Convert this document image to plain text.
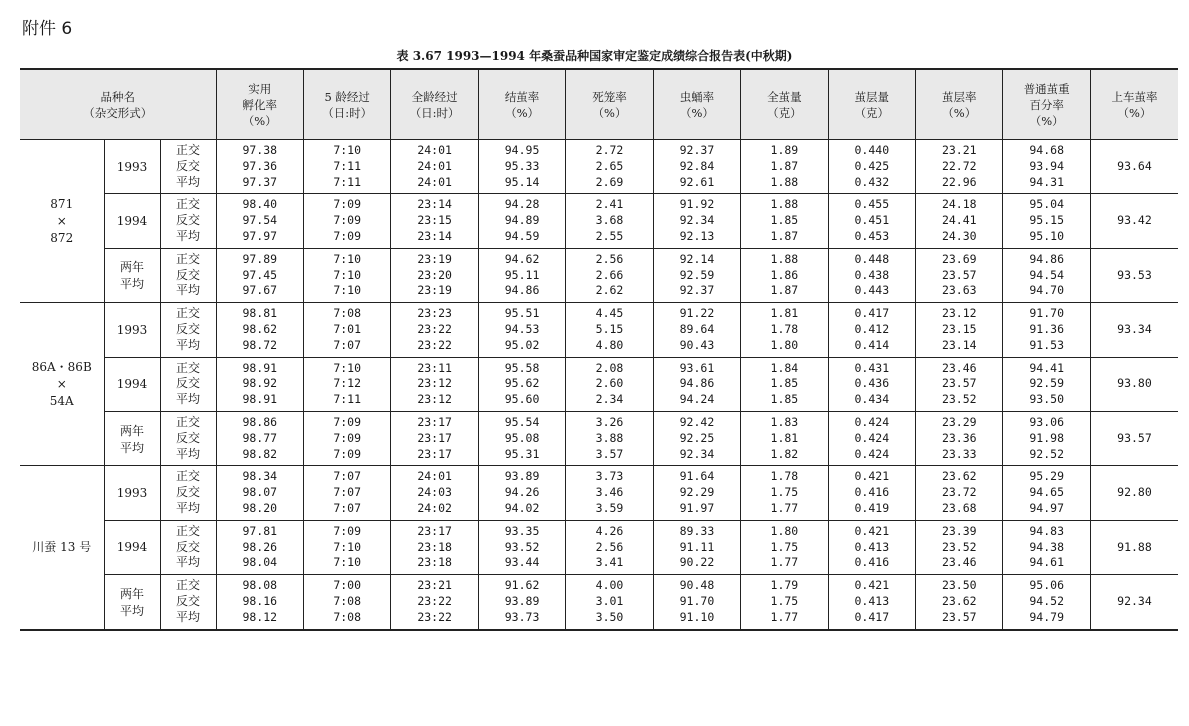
附件 6
表 3.67 1993—1994 年桑蚕品种国家审定鉴定成绩综合报告表(中秋期)
品种名
（杂交形式）			实用
孵化率
（%）	5 龄经过
（日:时）	全龄经过
（日:时）	结茧率
（%）	死笼率
（%）	虫蛹率
（%）	全茧量
（克）	茧层量
（克）	茧层率
（%）	普通茧重
百分率
（%）	上车茧率
（%）

871
×
872	1993	正交
反交
平均	97.38
97.36
97.37	7:10
7:11
7:11	24:01
24:01
24:01	94.95
95.33
95.14	2.72
2.65
2.69	92.37
92.84
92.61	1.89
1.87
1.88	0.440
0.425
0.432	23.21
22.72
22.96	94.68
93.94
94.31	93.64

	1994	正交
反交
平均	98.40
97.54
97.97	7:09
7:09
7:09	23:14
23:15
23:14	94.28
94.89
94.59	2.41
3.68
2.55	91.92
92.34
92.13	1.88
1.85
1.87	0.455
0.451
0.453	24.18
24.41
24.30	95.04
95.15
95.10	93.42

	两年
平均	正交
反交
平均	97.89
97.45
97.67	7:10
7:10
7:10	23:19
23:20
23:19	94.62
95.11
94.86	2.56
2.66
2.62	92.14
92.59
92.37	1.88
1.86
1.87	0.448
0.438
0.443	23.69
23.57
23.63	94.86
94.54
94.70	93.53

86A・86B
×
54A	1993	正交
反交
平均	98.81
98.62
98.72	7:08
7:01
7:07	23:23
23:22
23:22	95.51
94.53
95.02	4.45
5.15
4.80	91.22
89.64
90.43	1.81
1.78
1.80	0.417
0.412
0.414	23.12
23.15
23.14	91.70
91.36
91.53	93.34

	1994	正交
反交
平均	98.91
98.92
98.91	7:10
7:12
7:11	23:11
23:12
23:12	95.58
95.62
95.60	2.08
2.60
2.34	93.61
94.86
94.24	1.84
1.85
1.85	0.431
0.436
0.434	23.46
23.57
23.52	94.41
92.59
93.50	93.80

	两年
平均	正交
反交
平均	98.86
98.77
98.82	7:09
7:09
7:09	23:17
23:17
23:17	95.54
95.08
95.31	3.26
3.88
3.57	92.42
92.25
92.34	1.83
1.81
1.82	0.424
0.424
0.424	23.29
23.36
23.33	93.06
91.98
92.52	93.57

川蚕 13 号	1993	正交
反交
平均	98.34
98.07
98.20	7:07
7:07
7:07	24:01
24:03
24:02	93.89
94.26
94.02	3.73
3.46
3.59	91.64
92.29
91.97	1.78
1.75
1.77	0.421
0.416
0.419	23.62
23.72
23.68	95.29
94.65
94.97	92.80

	1994	正交
反交
平均	97.81
98.26
98.04	7:09
7:10
7:10	23:17
23:18
23:18	93.35
93.52
93.44	4.26
2.56
3.41	89.33
91.11
90.22	1.80
1.75
1.77	0.421
0.413
0.416	23.39
23.52
23.46	94.83
94.38
94.61	91.88

	两年
平均	正交
反交
平均	98.08
98.16
98.12	7:00
7:08
7:08	23:21
23:22
23:22	91.62
93.89
93.73	4.00
3.01
3.50	90.48
91.70
91.10	1.79
1.75
1.77	0.421
0.413
0.417	23.50
23.62
23.57	95.06
94.52
94.79	92.34
